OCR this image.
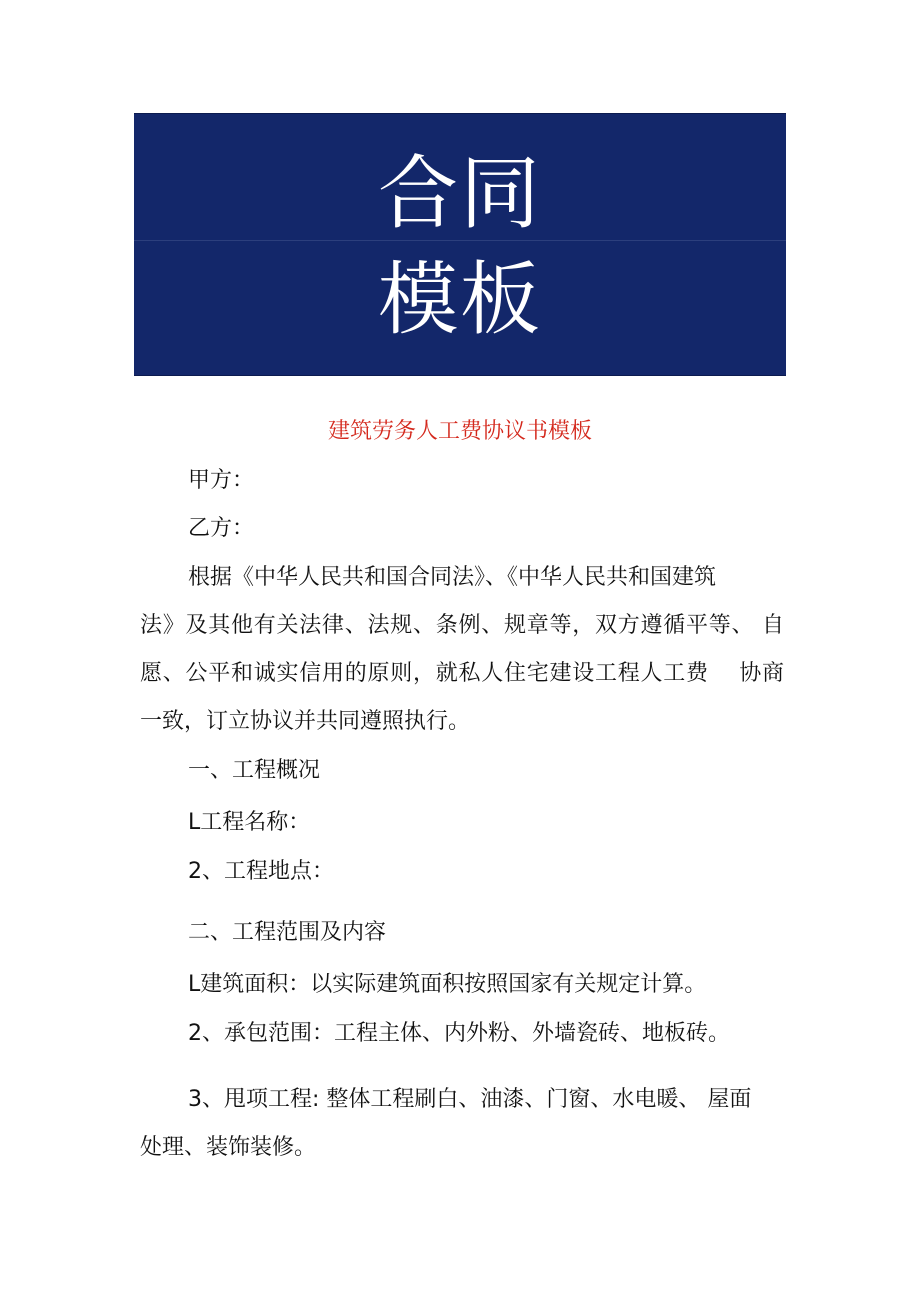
合同
模板
建筑劳务人工费协议书模板
甲方：
乙方：
根据《中华人民共和国合同法》、《中华人民共和国建筑
法》及其他有关法律、法规、条例、规章等，双方遵循平等、 自
愿、公平和诚实信用的原则，就私人住宅建设工程人工费　 协商
一致，订立协议并共同遵照执行。
一、工程概况
L工程名称：
2、工程地点：
二、工程范围及内容
L建筑面积：以实际建筑面积按照国家有关规定计算。
2、承包范围：工程主体、内外粉、外墙瓷砖、地板砖。
3、甩项工程: 整体工程刷白、油漆、门窗、水电暖、 屋面
处理、装饰装修。
